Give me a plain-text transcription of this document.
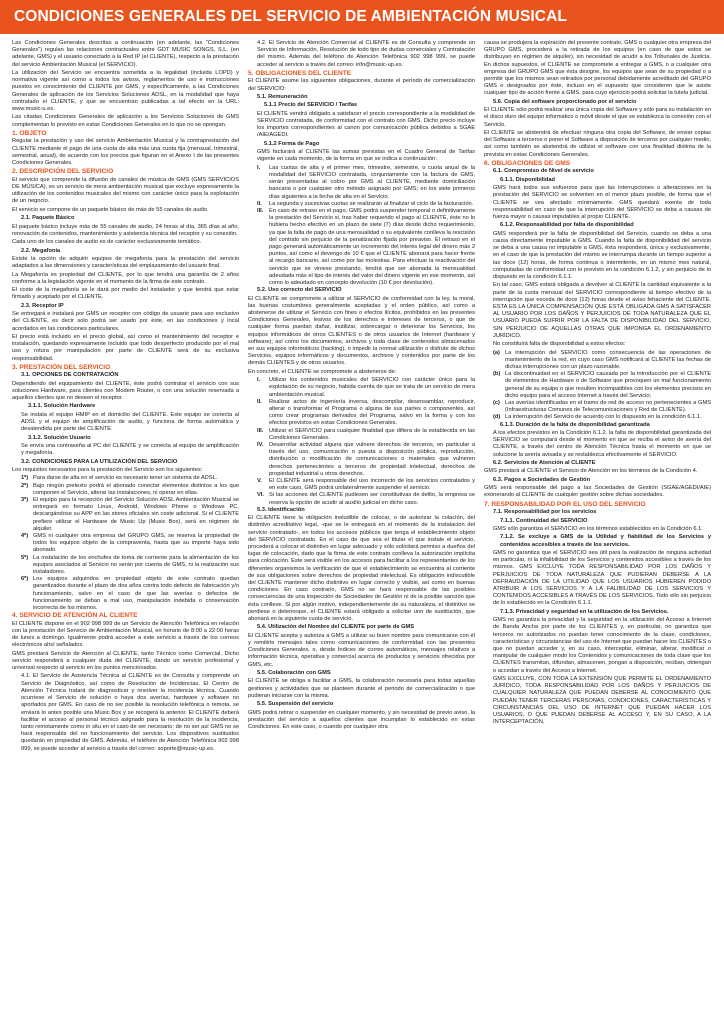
CONDICIONES GENERALES DEL SERVICIO DE AMBIENTACIÓN MUSICAL

Las Condiciones Generales descritas a continuación (en adelante, las "Condiciones Generales") regulan las relaciones contractuales entre GDT MUSIC SONGS, S.L. (en adelante, GMS) y el usuario conectado a la Red IP (el CLIENTE), respecto a la prestación del servicio Ambientación Musical (el SERVICIO).

La utilización del Servicio se encuentra sometida a la legalidad (incluida LOPD) y normativa vigente así como a todos los avisos, reglamentos de uso e instrucciones puestos en conocimiento del CLIENTE por GMS, y específicamente, a las Condiciones Generales de aplicación de los Servicios Soluciones ADSL, en la modalidad que haya contratado el CLIENTE, y que se encuentran publicadas a tal efecto en la URL: www.music-u.es.

Las citadas Condiciones Generales de aplicación a los Servicios Soluciones de GMS complementan lo previsto en estas Condiciones Generales en lo que no se opongan.

1. OBJETO

Regular la prestación y uso del servicio Ambientación Musical y la contraprestación del CLIENTE mediante el pago de una cuota de alta más una cuota fija (mensual, trimestral, semestral, anual), de acuerdo con los precios que figuran en el Anexo I de las presentes Condiciones Generales.

2. DESCRIPCIÓN DEL SERVICIO

El servicio que comprende la difusión de canales de música de GMS (GMS SERVICIOS DE MÚSICA), es un servicio de mera ambientación musical que excluye expresamente la utilización de los contenidos musicales del mismo con carácter único para la explotación de un negocio.

El servicio se compone de un paquete básico de más de 55 canales de audio.

2.1. Paquete Básico

El paquete básico incluye más de 55 canales de audio, 24 horas al día, 365 días al año, renovación de contenidos, mantenimiento y asistencia técnica del receptor y su conexión.

Cada uno de los canales de audio es de carácter exclusivamente temático.

2.2. Megafonía

Existe la opción de adquirir equipos de megafonía para la prestación del servicio adaptados a las dimensiones y características del emplazamiento del usuario final.

La Megafonía es propiedad del CLIENTE, por lo que tendrá una garantía de 2 años conforme a la legislación vigente en el momento de la firma de este contrato.

El coste de la megafonía se le dará por medio del instalador y que tendrá que estar firmado y aceptado por el CLIENTE.

2.3. Receptor IP

Se entregará e instalará por GMS un receptor con código de usuario para uso exclusivo del CLIENTE, es decir solo podrá ser usado por éste, en las condiciones y local acordados en las condiciones particulares.

El precio está incluido en el precio global, así como el mantenimiento del receptor e instalación, quedando expresamente incluido que todo desperfecto producido por el mal uso y rotura por manipulación por parte de CLIENTE será de su exclusiva responsabilidad.

3. PRESTACIÓN DEL SERVICIO

3.1. OPCIONES DE CONTRATACIÓN

Dependiendo del equipamiento del CLIENTE, éste podrá contratar el servicio con sus soluciones Hardware, para clientes con Modem Router, o con una solución reservada a aquellos clientes que no deseen el receptor.

3.1.1. Solución Hardware

Se instala el equipo HMIP en el domicilio del CLIENTE. Este equipo se conecta al ADSL y el equipo de amplificación de audio, y funciona de forma automática y desatendida por parte del CLIENTE.

3.1.2. Solución Usuario

Se envía una contraseña al PC del CLIENTE y se conecta al equipo de amplificación y megafonía.

3.2. CONDICIONES PARA LA UTILIZACIÓN DEL SERVICIO

Los requisitos necesarios para la prestación del Servicio son los siguientes:

1º) Para darse de alta en el servicio es necesario tener un sistema de ADSL.
2º) Bajo ningún pretexto podrá el abonado conectar elementos distintos a los que componen el Servicio, alterar las instalaciones, ni operar en ellas.
3º) El equipo para la recepción del Servicio Solución ADSL Ambientación Musical se entregará en formato Linux, Android, Windows Phone o Windows PC, descargándose su APP en las stores oficiales sin coste adicional. Si el CLIENTE prefiere utilizar el Hardware de Music Up (Music Box), será en régimen de alquiler.
4º) GMS ni cualquier otra empresa del GRUPO GMS, se reserva la propiedad de todos los equipos objeto de la compraventa, hasta que su importe haya sido abonado.
5º) La instalación de los enchufes de toma de corriente para la alimentación de los equipos asociados al Servicio no serán por cuenta de GMS, ni la realización sus instaladores.
6º) Los equipos adquiridos en propiedad objeto de este contrato quedan garantizados durante el plazo de dos años contra todo defecto de fabricación y/o funcionamiento, salvo en el caso de que las averías o defectos de funcionamiento se deban a mal uso, manipulación indebida o conservación incorrecta de los mismos.

4. SERVICIO DE ATENCIÓN AL CLIENTE

El CLIENTE dispone en el 902 998 999 de un Servicio de Atención Telefónica en relación con la prestación del Servicio de Ambientación Musical, en horario de 8:00 a 22:00 horas de lunes a domingo. Igualmente podrá acceder a este servicio a través de los correos electrónicos ahsí señalados.

GMS prestará Servicio de Atención al CLIENTE, tanto Técnico como Comercial. Dicho servicio responderá a cualquier duda del CLIENTE, dando un servicio profesional y universal respecto al servicio en los puntos mencionados.

4.1. El Servicio de Asistencia Técnica al CLIENTE es de Consulta y comprende un Servicio de Diagnóstico, así como de Resolución de Incidencias. El Centro de Atención Técnica tratará de diagnosticar y resolver la incidencia técnica. Cuando ocurriese el Servicio de solución o haya dos averías, hardware y software no aportados por GMS. En caso de no ser posible la resolución telefónica o remota, se enviará lo antes posible una Music Box y se recogerá la anterior. El CLIENTE deberá facilitar el acceso al personal técnico asignado para la resolución de la incidencia, tanto remotamente como in situ en el caso de ser necesario; de no ser así GMS no se hará responsable del no funcionamiento del servicio. Los dispositivos sustituidos quedarán en propiedad de GMS. Además, el teléfono de Atención Telefónica 902 998 999, se puede acceder al servicio a través del correo: soporte@music-up.es.

4.2. El Servicio de Atención Comercial al CLIENTE es de Consulta y comprende un Servicio de Información, Resolución de todo tipo de dudas comerciales y Contratación del mismo. Además del teléfono de Atención Telefónica 902 998 999, se puede acceder al servicio a través del correo: info@music-up.es.

5. OBLIGACIONES DEL CLIENTE

El CLIENTE asume las siguientes obligaciones, durante el período de comercialización del SERVICIO:

5.1. Remuneración

5.1.1 Precio del SERVICIO / Tarifas

El CLIENTE vendrá obligado a satisfacer el precio correspondiente a la modalidad de SERVICIO contratada, de conformidad con el contrato con GMS. Dicho precio incluye los importes correspondientes al canon por comunicación pública debidos a SGAE /AIE/AGEDI.

5.1.2 Forma de Pago

GMS facturará al CLIENTE las sumas previstas en el Cuadro General de Tarifas vigente en cada momento, de la forma en que se indica a continuación:

I.	Las cuotas de alta y el primer mes, trimestre, semestre, o cuota anual de la modalidad del SERVICIO contratada, conjuntamente con la factura de GMS, serán presentadas al cobro por GMS al CLIENTE, mediante domiciliación bancaria o por cualquier otro método asignado por GMS; en los siete primeros días siguientes a la fecha de alta en el Servicio.
II.	La segunda y sucesivas cuotas se realizarán al finalizar el ciclo de la facturación.
III. En caso de retraso en el pago, GMS podrá suspender temporal o definitivamente la prestación del Servicio si, tras haber requerido el pago al CLIENTE, éste no lo hubiera hecho efectivo en un plazo de siete (7) días desde dicho requerimiento, ya que la falta de pago de una mensualidad o su equivalente conlleva la rescisión del contrato sin perjuicio de la penalización fijada por preaviso. El retraso en el pago generará automáticamente un incremento del interés legal del dinero más 2 puntos, así como el devengo de 10 € que el CLIENTE abonará para hacer frente al recargo bancario, así como por las molestias. Para efectuar la reactivación del servicio que se viniese prestando, tendrá que ser abonada la mensualidad adeudada más el tipo de interés del valor del dinero vigente en ese momento, así como lo adeudado en concepto devolución (10 € por devolución).

5.2. Uso correcto del SERVICIO

El CLIENTE se compromete a utilizar el SERVICIO de conformidad con la ley, la moral, las buenas costumbres generalmente aceptadas y el orden público, así como a abstenerse de utilizar el Servicio con fines o efectos ilícitos, prohibidos en las presentes Condiciones Generales, lesivos de los derechos e intereses de terceros, o que de cualquier forma puedan dañar, inutilizar, sobrecargar o deteriorar los Servicios, los equipos informáticos de otros CLIENTES o de otros usuarios de Internet (hardware y software); así como los documentos, archivos y toda clase de contenidos almacenados en sus equipos informáticos (hacking), o impedir la normal utilización o disfrute de dichos Servicios, equipos informáticos y documentos, archivos y contenidos por parte de los demás CLIENTES y de otros usuarios.

En concreto, el CLIENTE se compromete a abstenerse de:

I.	Utilizar los contenidos musicales del SERVICIO con carácter único para la explotación de su negocio, habida cuenta de que se trata de un servicio de mera ambientación musical.
II.	Realizar actos de ingeniería inversa, descompilar, desensamblar, reproducir, alterar o transformar el Programa o alguna de sus partes o componentes, así como crear programas derivados del Programa, salvo en la forma y con los efectos previstos en estas Condiciones Generales.
III. Utilizar el SERVICIO para cualquier finalidad que difiera de la establecida en las Condiciones Generales.
IV. Desarrollar actividad alguna que vulnere derechos de terceros, en particular a través del uso, comunicación o puesta a disposición pública, reproducción, distribución o modificación de comunicaciones o materiales que vulneren derechos pertenecientes a terceros de propiedad intelectual, derechos de propiedad industrial u otros derechos.
V.	El CLIENTE será responsable del uso incorrecto de los servicios contratados y en este caso, GMS podrá unilateralmente suspender el servicio.
VI. Si las acciones del CLIENTE pudiesen ser constitutivas de delito, la empresa se reserva la opción de acudir al auxilio judicial en dicho caso.

5.3. Identificación

El CLIENTE tiene la obligación ineludible de colocar, o de autorizar la colación, del distintivo acreditativo legal, -que se le entregará en el momento de la instalación del servicio contratado-, en todos los accesos públicos que tenga el establecimiento objeto del SERVICIO contratado. En el caso de que sea el titular el que instale el servicio, procederá a colocar el distintivo en lugar adecuado y sólo solicitará permiso a dueños del lugar de colocación, dado que la firma de este contrato conlleva la autorización implícita para colocación. Este será visible en los accesos para facilitar a los representantes de los diferentes organismos la verificación de que el establecimiento se encuentra al corriente de sus obligaciones sobre derechos de propiedad intelectual. Es obligación indiscutible del CLIENTE mantener dicho distintivo en lugar correcto y visible, así como en buenas condiciones. En caso contrario, GMS no se hará responsable de las posibles consecuencias de una inspección de Sociedades de Gestión ni de la posible sanción que ésta conlleve. Si por algún motivo, independientemente de su naturaleza, el distintivo se perdiese o deteriorase, el CLIENTE estará obligado a solicitar uno de sustitución, que abonará en la siguiente cuota de servicio.

5.4. Utilización del Nombre del CLIENTE por parte de GMS

El CLIENTE acepta y autoriza a GMS a utilizar su buen nombre para comunicarse con él y remitirle mensajes tales como comunicaciones de conformidad con las presentes Condiciones Generales, o, desde Índices de correo automáticos, mensajes relativos a información técnica, operativa y comercial acerca de productos y servicios ofrecidos por GMS, etc.

5.5. Colaboración con GMS

El CLIENTE se obliga a facilitar a GMS, la colaboración necesaria para todas aquellas gestiones y actividades que se planteen durante el periodo de comercialización o que pudieran iniciarse con la misma.

5.5. Suspensión del servicio

GMS podrá retirar o suspender en cualquier momento, y sin necesidad de previo aviso, la prestación del servicio a aquellos clientes que incumplan lo establecido en estas Condiciones. En este caso, o cuando por cualquier otra

causa se produjera la expiración del presente contrato, GMS o cualquier otra empresa del GRUPO GMS, procederá a la retirada de los equipos (en caso de que estos se distribuyan en régimen de alquiler), sin necesidad de acudir a los Tribunales de Justicia. En dichos supuestos, el CLIENTE se compromete a entregar a GMS, o a cualquier otra empresa del GRUPO GMS que ésta designe, los equipos que sean de su propiedad o a permitir que los mismos sean retirados por personal debidamente acreditado del GRUPO GMS o designados por éste, incluso en el supuesto que consideren que le asiste cualquier tipo de acción frente a GMS, para cuyo ejercicio podrá solicitar la tutela judicial.

5.6. Copia del software proporcionado por el servicio

El CLIENTE sólo podrá realizar una única copia del Software y sólo para su instalación en el disco duro del equipo informático o móvil desde el que se establezca la conexión con el Servicio.

El CLIENTE se abstendrá de efectuar ninguna otra copia del Software, de enviar copias del Software a terceros o poner el Software a disposición de terceros por cualquier medio, así como también se abstendrá de utilizar el software con una finalidad distinta de la prevista en estas Condiciones Generales.

6. OBLIGACIONES DE GMS

6.1. Compromiso de Nivel de servicio

6.1.1. Disponibilidad

GMS hará todos sus esfuerzos para que las interrupciones o alteraciones en la prestación del SERVICIO se solventen en el menor plazo posible, de forma que el CLIENTE se vea afectado mínimamente. GMS quedará exenta de toda responsabilidad en caso de que la interrupción del SERVICIO se deba a causas de fuerza mayor o causas imputables al propio CLIENTE.

6.1.2. Responsabilidad por falta de disponibilidad

GMS responderá por la falta de disponibilidad del Servicio, cuando se deba a una causa directamente imputable a GMS. Cuando la falta de disponibilidad del servicio se deba a una causa no imputable a GMS, ésta responderá, única y exclusivamente, en el caso de que la prestación del mismo se interrumpa durante un tiempo superior a las doce (12) horas, de forma continua o intermitente, en un mismo mes natural, computadas de conformidad con lo previsto en la condición 6.1.2, y sin perjuicio de lo dispuesto en la condición 6.1.1.

En tal caso, GMS estará obligada a devolver al CLIENTE la cantidad equivalente a la parte de la cuota mensual del SERVICIO correspondiente al tiempo efectivo de la interrupción que exceda de doce (12) horas desde el aviso fehaciente del CLIENTE. ESTA ES LA ÚNICA COMPENSACIÓN QUE ESTÁ OBLIGADA GMS A SATISFACER AL USUARIO POR LOS DAÑOS Y PERJUICIOS DE TODA NATURALEZA QUE EL USUARIO PUEDA SUFRIR POR LA FALTA DE DISPONIBILIDAD DEL SERVICIO, SIN PERJUICIO DE AQUELLAS OTRAS QUE IMPONGA EL ORDENAMIENTO JURÍDICO.

No constituirá falta de disponibilidad a estos efectos:

(a) La interrupción del SERVICIO como consecuencia de las operaciones de mantenimiento de la red, en cuyo caso GMS notificará al CLIENTE las fechas de dichas interrupciones con un plazo razonable.
(b) La discontinuidad en el SERVICIO causada por la introducción por el CLIENTE de elementos de Hardware o de Software que provoquen un mal funcionamiento general de su equipo o que resulten incompatibles con los elementos precisos en dicho equipo para el acceso Internet a través del Servicio;
(c) Las averías identificadas en el tramo de red de acceso no pertenecientes a GMS (Infraestructuras Comunes de Telecomunicaciones y Red de CLIENTE).
(d) La interrupción del Servicio de acuerdo con lo dispuesto en la condición 6.1.1.

6.1.3. Duración de la falta de disponibilidad garantizada

A los efectos previstos en la Condición 6.1.2. la falta de disponibilidad garantizada del SERVICIO se computará desde el momento en que se reciba el aviso de avería del CLIENTE, a través del centro de Atención Técnica hasta el momento en que se solucione la avería avisada y se restablezca efectivamente el SERVICIO.

6.2. Servicios de Atención al CLIENTE

GMS prestará al CLIENTE el Servicio de Atención en los términos de la Condición 4.

6.3. Pagos a Sociedades de Gestión

GMS será responsable del pago a las Sociedades de Gestión (SGAE/AGEDI/AIE) exonerando al CLIENTE de cualquier gestión sobre dichas sociedades.

7. RESPONSABILIDAD POR EL USO DEL SERVICIO

7.1. Responsabilidad por los servicios

7.1.1. Continuidad del SERVICIO

GMS sólo garantiza el SERVICIO en los términos establecidos en la Condición 6.1.

7.1.2. Se excluye a GMS de la Utilidad y fiabilidad de los Servicios y contenidos accesibles a través de los servicios.

GMS no garantiza que el SERVICIO sea útil para la realización de ninguna actividad en particular, ni la infalibilidad de los Servicios y contenidos accesibles a través de los mismos. GMS EXCLUYE TODA RESPONSABILIDAD POR LOS DAÑOS Y PERJUICIOS DE TODA NATURALEZA QUE PUDIERAN DEBERSE A LA DEFRAUDACIÓN DE LA UTILIDAD QUE LOS USUARIOS HUBIEREN PODIDO ATRIBUIR A LOS SERVICIOS Y A LA FALIBILIDAD DE LOS SERVICIOS Y CONTENIDOS ACCESIBLES A TRAVÉS DE LOS SERVICIOS. Todo ello sin perjuicio de lo establecido en la Condición 6.1.1.

7.1.3. Privacidad y seguridad en la utilización de los Servicios.

GMS no garantiza la privacidad y la seguridad en la utilización del Acceso a Internet de Banda Ancha por parte de los CLIENTES y, en particular, no garantiza que terceros no autorizados no puedan tener conocimiento de la clase, condiciones, características y circunstancias del uso de Internet que puedan hacer los CLIENTES o que no puedan acceder y, en su caso, interceptar, eliminar, alterar, modificar o manipular de cualquier modo los Contenidos y comunicaciones de toda clase que los CLIENTES transmitan, difundan, almacenen, pongan a disposición, reciban, obtengan o accedan a través del Acceso a Internet.

GMS EXCLUYE, CON TODA LA EXTENSIÓN QUE PERMITE EL ORDENAMIENTO JURÍDICO, TODA RESPONSABILIDAD POR LOS DAÑOS Y PERJUICIOS DE CUALQUIER NATURALEZA QUE PUEDAN DEBERSE AL CONOCIMIENTO QUE PUEDAN TENER TERCERAS PERSONAS, CONDICIONES, CARACTERÍSTICAS Y CIRCUNSTANCIAS DEL USO DE INTERNET QUE PUEDAN HACER LOS USUARIOS, O QUE PUEDAN DEBERSE AL ACCESO Y, EN SU CASO, A LA INTERCEPTACIÓN,
